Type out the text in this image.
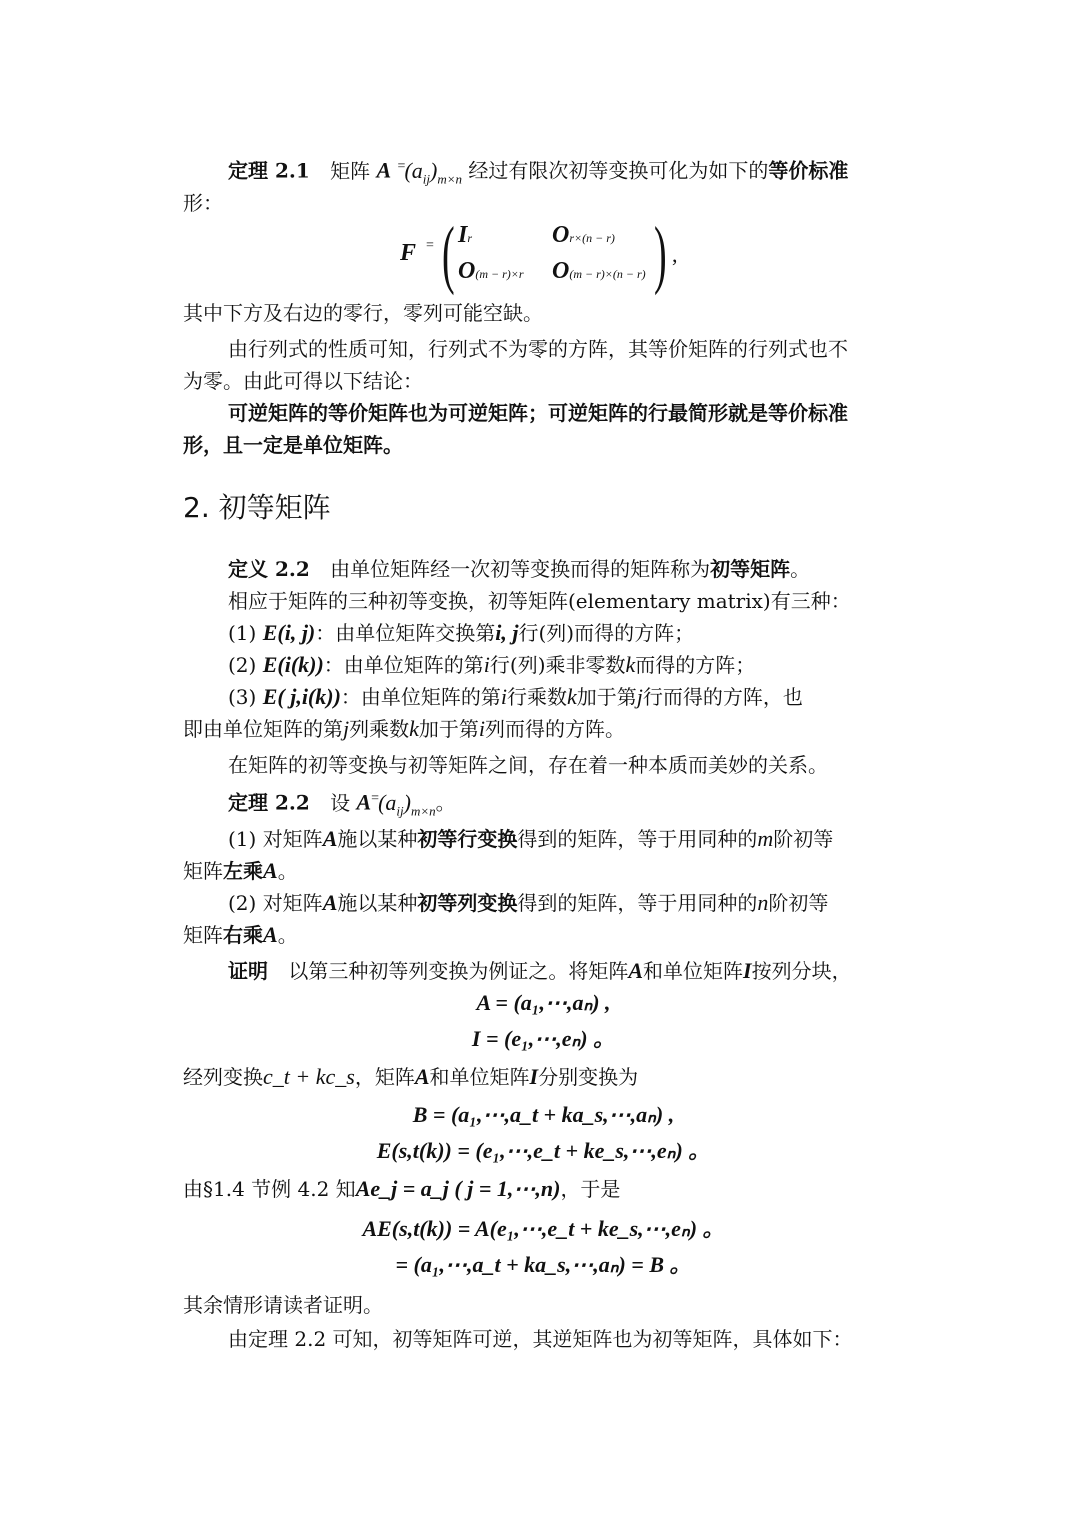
定理 2.1 矩阵 A $^=(a_{ij})_{m\times n}$ 经过有限次初等变换可化为如下的等价标准
形：
F = ( Ir	Or×(n − r)
O(m − r)×r O(m − r)×(n − r) ) ,
其中下方及右边的零行，零列可能空缺。
由行列式的性质可知，行列式不为零的方阵，其等价矩阵的行列式也不
为零。由此可得以下结论：
可逆矩阵的等价矩阵也为可逆矩阵；可逆矩阵的行最简形就是等价标准
形，且一定是单位矩阵。
2. 初等矩阵
定义 2.2 由单位矩阵经一次初等变换而得的矩阵称为初等矩阵。
相应于矩阵的三种初等变换，初等矩阵(elementary matrix)有三种：
(1) E(i, j)：由单位矩阵交换第i, j行(列)而得的方阵；
(2) E(i(k))：由单位矩阵的第i行(列)乘非零数k而得的方阵；
(3) E( j,i(k))：由单位矩阵的第i行乘数k加于第j行而得的方阵，也
即由单位矩阵的第j列乘数k加于第i列而得的方阵。
在矩阵的初等变换与初等矩阵之间，存在着一种本质而美妙的关系。
定理 2.2 设 $A^=(a_{ij})_{m\times n}$。
(1) 对矩阵A施以某种初等行变换得到的矩阵，等于用同种的m阶初等
矩阵左乘A。
(2) 对矩阵A施以某种初等列变换得到的矩阵，等于用同种的n阶初等
矩阵右乘A。
证明 以第三种初等列变换为例证之。将矩阵A和单位矩阵I按列分块，
A = (a₁,⋯,aₙ) ,
I = (e₁,⋯,eₙ) 。
经列变换c_t + kc_s，矩阵A和单位矩阵I分别变换为
B = (a₁,⋯,a_t + ka_s,⋯,aₙ) ,
E(s,t(k)) = (e₁,⋯,e_t + ke_s,⋯,eₙ) 。
由§1.4 节例 4.2 知Ae_j = a_j ( j = 1,⋯,n)，于是
AE(s,t(k)) = A(e₁,⋯,e_t + ke_s,⋯,eₙ) 。
= (a₁,⋯,a_t + ka_s,⋯,aₙ) = B 。
其余情形请读者证明。
由定理 2.2 可知，初等矩阵可逆，其逆矩阵也为初等矩阵，具体如下：
